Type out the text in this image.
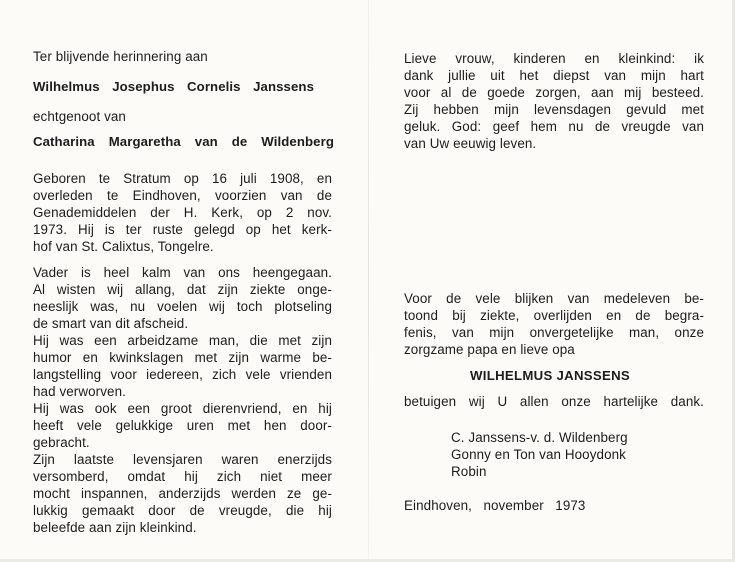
Ter blijvende herinnering aan
Wilhelmus Josephus Cornelis Janssens
echtgenoot van
Catharina Margaretha van de Wildenberg
Geboren te Stratum op 16 juli 1908, en
overleden te Eindhoven, voorzien van de
Genademiddelen der H. Kerk, op 2 nov.
1973. Hij is ter ruste gelegd op het kerk-
hof van St. Calixtus, Tongelre.
Vader is heel kalm van ons heengegaan.
Al wisten wij allang, dat zijn ziekte onge-
neeslijk was, nu voelen wij toch plotseling
de smart van dit afscheid.
Hij was een arbeidzame man, die met zijn
humor en kwinkslagen met zijn warme be-
langstelling voor iedereen, zich vele vrienden
had verworven.
Hij was ook een groot dierenvriend, en hij
heeft vele gelukkige uren met hen door-
gebracht.
Zijn laatste levensjaren waren enerzijds
versomberd, omdat hij zich niet meer
mocht inspannen, anderzijds werden ze ge-
lukkig gemaakt door de vreugde, die hij
beleefde aan zijn kleinkind.
Lieve vrouw, kinderen en kleinkind: ik
dank jullie uit het diepst van mijn hart
voor al de goede zorgen, aan mij besteed.
Zij hebben mijn levensdagen gevuld met
geluk. God: geef hem nu de vreugde van
van Uw eeuwig leven.
Voor de vele blijken van medeleven be-
toond bij ziekte, overlijden en de begra-
fenis, van mijn onvergetelijke man, onze
zorgzame papa en lieve opa
WILHELMUS JANSSENS
betuigen wij U allen onze hartelijke dank.
C. Janssens-v. d. Wildenberg
Gonny en Ton van Hooydonk
Robin
Eindhoven,   november   1973
